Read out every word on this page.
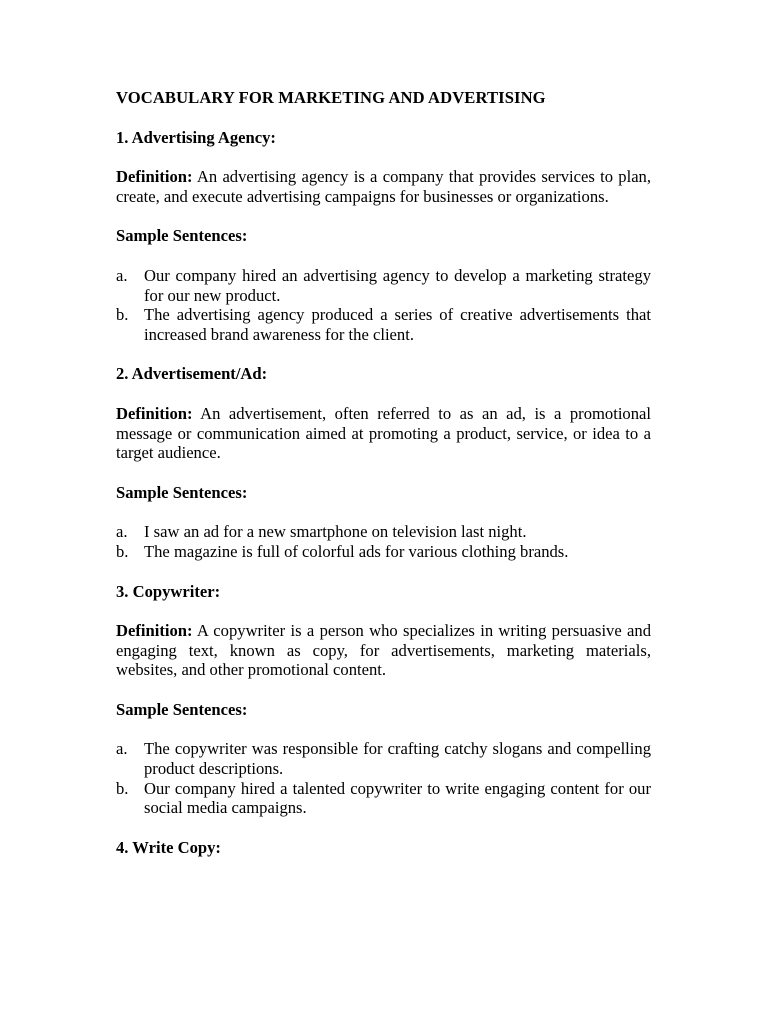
VOCABULARY FOR MARKETING AND ADVERTISING
1. Advertising Agency:
Definition: An advertising agency is a company that provides services to plan, create, and execute advertising campaigns for businesses or organizations.
Sample Sentences:
a. Our company hired an advertising agency to develop a marketing strategy for our new product.
b. The advertising agency produced a series of creative advertisements that increased brand awareness for the client.
2. Advertisement/Ad:
Definition: An advertisement, often referred to as an ad, is a promotional message or communication aimed at promoting a product, service, or idea to a target audience.
Sample Sentences:
a. I saw an ad for a new smartphone on television last night.
b. The magazine is full of colorful ads for various clothing brands.
3. Copywriter:
Definition: A copywriter is a person who specializes in writing persuasive and engaging text, known as copy, for advertisements, marketing materials, websites, and other promotional content.
Sample Sentences:
a. The copywriter was responsible for crafting catchy slogans and compelling product descriptions.
b. Our company hired a talented copywriter to write engaging content for our social media campaigns.
4. Write Copy:
